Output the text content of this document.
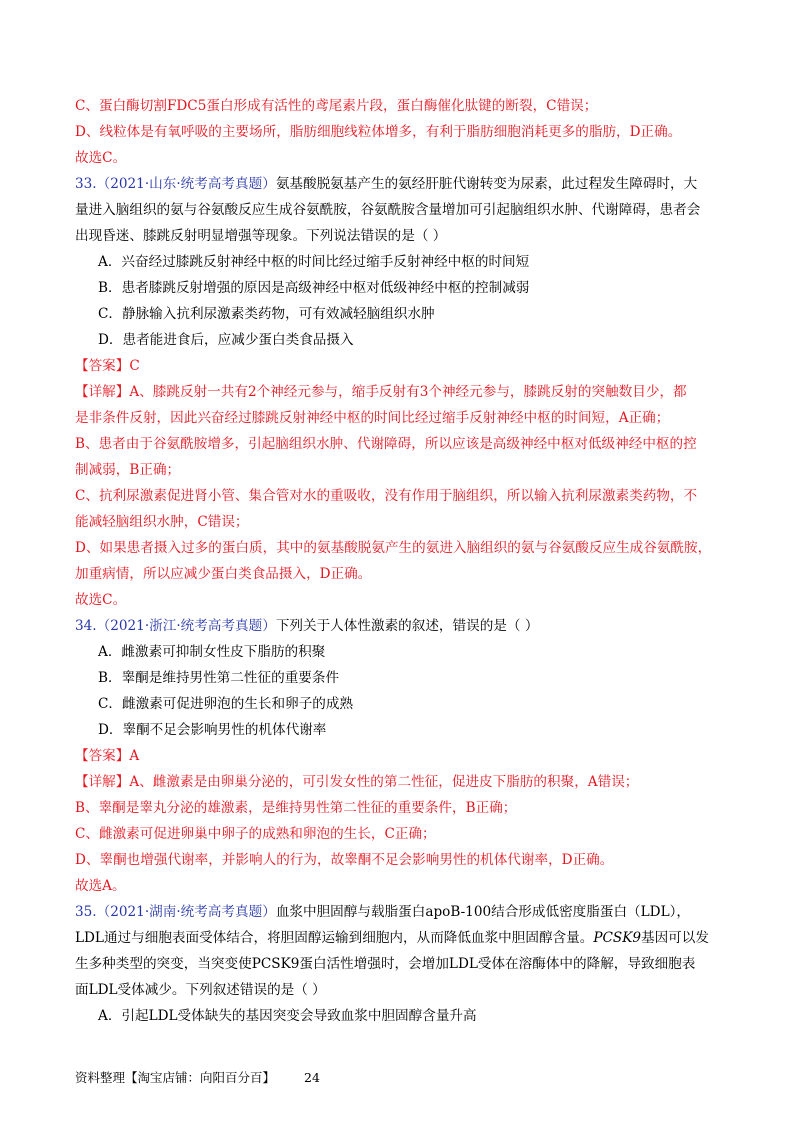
C、蛋白酶切割FDC5蛋白形成有活性的鸢尾素片段，蛋白酶催化肽键的断裂，C错误；
D、线粒体是有氧呼吸的主要场所，脂肪细胞线粒体增多，有利于脂肪细胞消耗更多的脂肪，D正确。
故选C。
33.（2021·山东·统考高考真题）氨基酸脱氨基产生的氨经肝脏代谢转变为尿素，此过程发生障碍时，大
量进入脑组织的氨与谷氨酸反应生成谷氨酰胺，谷氨酰胺含量增加可引起脑组织水肿、代谢障碍，患者会
出现昏迷、膝跳反射明显增强等现象。下列说法错误的是（ ）
A．兴奋经过膝跳反射神经中枢的时间比经过缩手反射神经中枢的时间短
B．患者膝跳反射增强的原因是高级神经中枢对低级神经中枢的控制减弱
C．静脉输入抗利尿激素类药物，可有效减轻脑组织水肿
D．患者能进食后，应减少蛋白类食品摄入
【答案】C
【详解】A、膝跳反射一共有2个神经元参与，缩手反射有3个神经元参与，膝跳反射的突触数目少，都
是非条件反射，因此兴奋经过膝跳反射神经中枢的时间比经过缩手反射神经中枢的时间短，A正确；
B、患者由于谷氨酰胺增多，引起脑组织水肿、代谢障碍，所以应该是高级神经中枢对低级神经中枢的控
制减弱，B正确；
C、抗利尿激素促进肾小管、集合管对水的重吸收，没有作用于脑组织，所以输入抗利尿激素类药物，不
能减轻脑组织水肿，C错误；
D、如果患者摄入过多的蛋白质，其中的氨基酸脱氨产生的氨进入脑组织的氨与谷氨酸反应生成谷氨酰胺，
加重病情，所以应减少蛋白类食品摄入，D正确。
故选C。
34.（2021·浙江·统考高考真题）下列关于人体性激素的叙述，错误的是（ ）
A．雌激素可抑制女性皮下脂肪的积聚
B．睾酮是维持男性第二性征的重要条件
C．雌激素可促进卵泡的生长和卵子的成熟
D．睾酮不足会影响男性的机体代谢率
【答案】A
【详解】A、雌激素是由卵巢分泌的，可引发女性的第二性征，促进皮下脂肪的积聚，A错误；
B、睾酮是睾丸分泌的雄激素，是维持男性第二性征的重要条件，B正确；
C、雌激素可促进卵巢中卵子的成熟和卵泡的生长，C正确；
D、睾酮也增强代谢率，并影响人的行为，故睾酮不足会影响男性的机体代谢率，D正确。
故选A。
35.（2021·湖南·统考高考真题）血浆中胆固醇与载脂蛋白apoB-100结合形成低密度脂蛋白（LDL），
LDL通过与细胞表面受体结合，将胆固醇运输到细胞内，从而降低血浆中胆固醇含量。PCSK9基因可以发
生多种类型的突变，当突变使PCSK9蛋白活性增强时，会增加LDL受体在溶酶体中的降解，导致细胞表
面LDL受体减少。下列叙述错误的是（ ）
A．引起LDL受体缺失的基因突变会导致血浆中胆固醇含量升高
资料整理【淘宝店铺：向阳百分百】 24
